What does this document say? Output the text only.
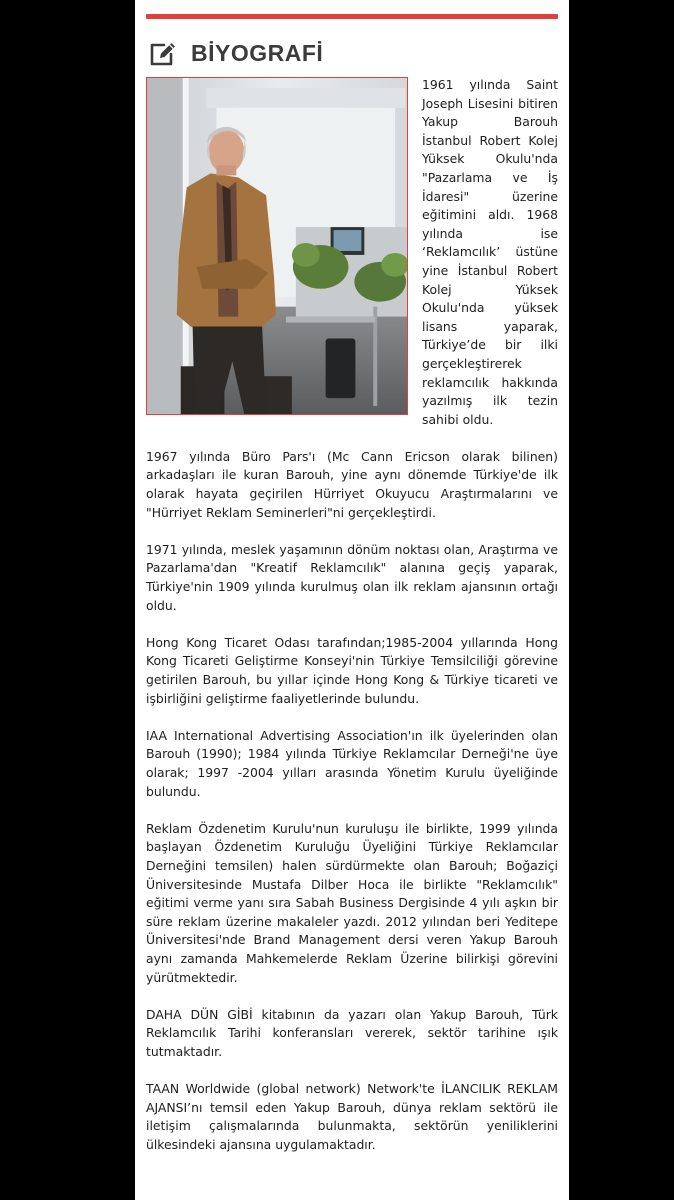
BİYOGRAFİ

1961 yılında Saint Joseph Lisesini bitiren Yakup Barouh İstanbul Robert Kolej Yüksek Okulu'nda "Pazarlama ve İş İdaresi" üzerine eğitimini aldı. 1968 yılında ise ‘Reklamcılık’ üstüne yine İstanbul Robert Kolej Yüksek Okulu'nda yüksek lisans yaparak, Türkiye’de bir ilki gerçekleştirerek reklamcılık hakkında yazılmış ilk tezin sahibi oldu.

1967 yılında Büro Pars'ı (Mc Cann Ericson olarak bilinen) arkadaşları ile kuran Barouh, yine aynı dönemde Türkiye'de ilk olarak hayata geçirilen Hürriyet Okuyucu Araştırmalarını ve "Hürriyet Reklam Seminerleri"ni gerçekleştirdi.

1971 yılında, meslek yaşamının dönüm noktası olan, Araştırma ve Pazarlama'dan "Kreatif Reklamcılık" alanına geçiş yaparak, Türkiye'nin 1909 yılında kurulmuş olan ilk reklam ajansının ortağı oldu.

Hong Kong Ticaret Odası tarafından;1985-2004 yıllarında Hong Kong Ticareti Geliştirme Konseyi'nin Türkiye Temsilciliği görevine getirilen Barouh, bu yıllar içinde Hong Kong & Türkiye ticareti ve işbirliğini geliştirme faaliyetlerinde bulundu.

IAA International Advertising Association'ın ilk üyelerinden olan Barouh (1990); 1984 yılında Türkiye Reklamcılar Derneği'ne üye olarak; 1997 -2004 yılları arasında Yönetim Kurulu üyeliğinde bulundu.

Reklam Özdenetim Kurulu'nun kuruluşu ile birlikte, 1999 yılında başlayan Özdenetim Kuruluğu Üyeliğini Türkiye Reklamcılar Derneğini temsilen) halen sürdürmekte olan Barouh; Boğaziçi Üniversitesinde Mustafa Dilber Hoca ile birlikte "Reklamcılık" eğitimi verme yanı sıra Sabah Business Dergisinde 4 yılı aşkın bir süre reklam üzerine makaleler yazdı. 2012 yılından beri Yeditepe Üniversitesi'nde Brand Management dersi veren Yakup Barouh aynı zamanda Mahkemelerde Reklam Üzerine bilirkişi görevini yürütmektedir.

DAHA DÜN GİBİ kitabının da yazarı olan Yakup Barouh, Türk Reklamcılık Tarihi konferansları vererek, sektör tarihine ışık tutmaktadır.

TAAN Worldwide (global network) Network'te İLANCILIK REKLAM AJANSI’nı temsil eden Yakup Barouh, dünya reklam sektörü ile iletişim çalışmalarında bulunmakta, sektörün yeniliklerini ülkesindeki ajansına uygulamaktadır.
